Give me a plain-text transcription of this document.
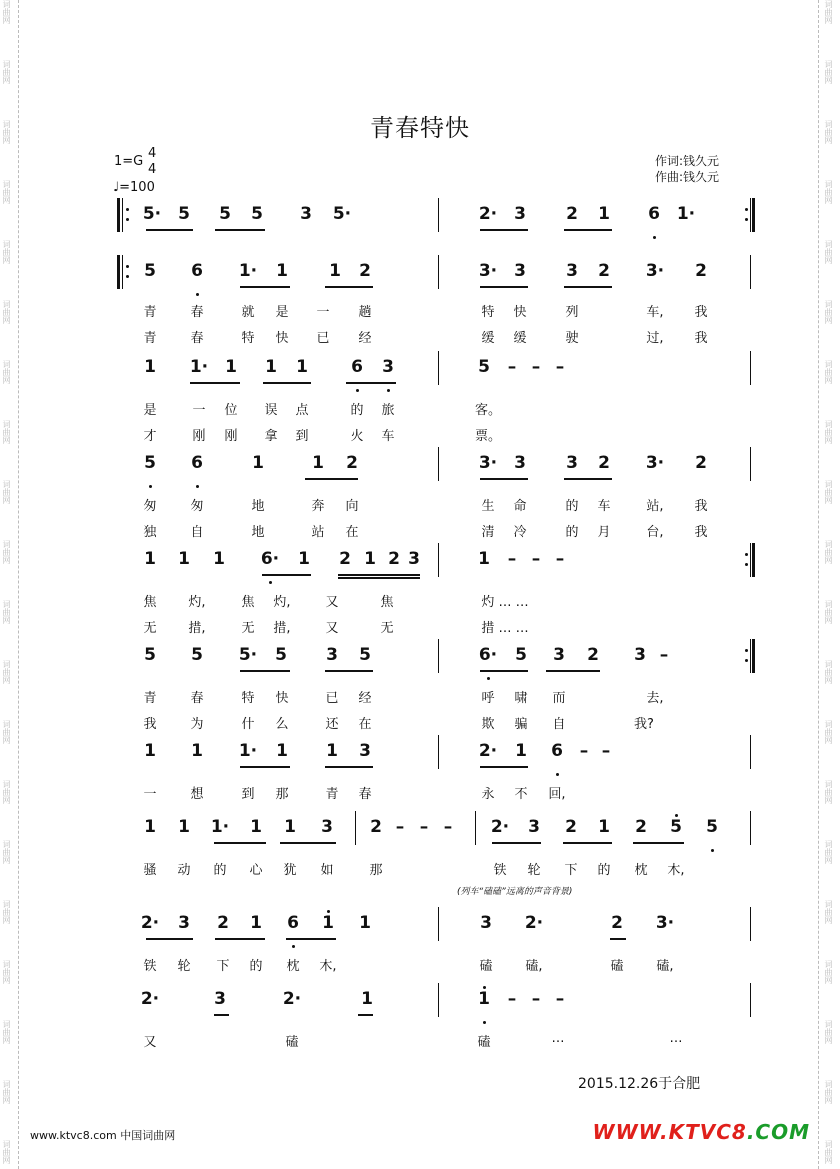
词曲网	词曲网
词曲网	词曲网
词曲网	词曲网
词曲网	词曲网
词曲网	词曲网
词曲网	词曲网
词曲网	词曲网
词曲网	词曲网
词曲网	词曲网
词曲网	词曲网
词曲网	词曲网
词曲网	词曲网
词曲网	词曲网
词曲网	词曲网
词曲网	词曲网
词曲网	词曲网
词曲网	词曲网
词曲网	词曲网
词曲网	词曲网
词曲网	词曲网
青春特快
1=G
4
4
♩=100
作词:钱久元
作曲:钱久元
5· 5 5 5 3 5·	2· 3 2 1 6 1·
5 6 1· 1 1 2	3· 3 3 2 3· 2
1 1· 1 1 1	6 3	5 – – –
5 6	1	1 2	3· 3 3 2 3· 2
1 1 1 6· 1 2 1 2 3	1 – – –
5 5 5· 5 3 5	6· 5 3 2 3 –
1 1 1· 1 1 3	2· 1 6 – –
1 1 1· 1 1 3 2 – – – 2· 3 2 1 2 5 5
2· 3 2 1 6 1 1	3 2·	2 3·
2·	3	2·	1	1 – – –
青	春	就 是 一 趟	特 快	列	车, 我
青	春	特 快 已 经	缓 缓	驶	过, 我
是	一 位 误 点	的 旅	客。
才	刚 刚 拿 到	火 车	票。
匆	匆	地	奔 向	生 命	的 车	站, 我
独	自	地	站 在	清 冷	的 月	台, 我
焦 灼,	焦 灼,	又	焦	灼 … …
无 措,	无 措,	又	无	措 … …
青	春	特 快	已 经	呼 啸 而	去,
我	为	什 么	还 在	欺 骗 自	我?
一	想	到 那	青 春	永 不 回,
骚 动 的 心 犹 如	那	铁 轮 下 的 枕 木,
铁 轮 下 的 枕 木,	磕	磕,	磕	磕,
又	磕	磕	…	…
(列车“磕磕”远离的声音背景)
2015.12.26于合肥
www.ktvc8.com 中国词曲网	WWW.KTVC8.COM
